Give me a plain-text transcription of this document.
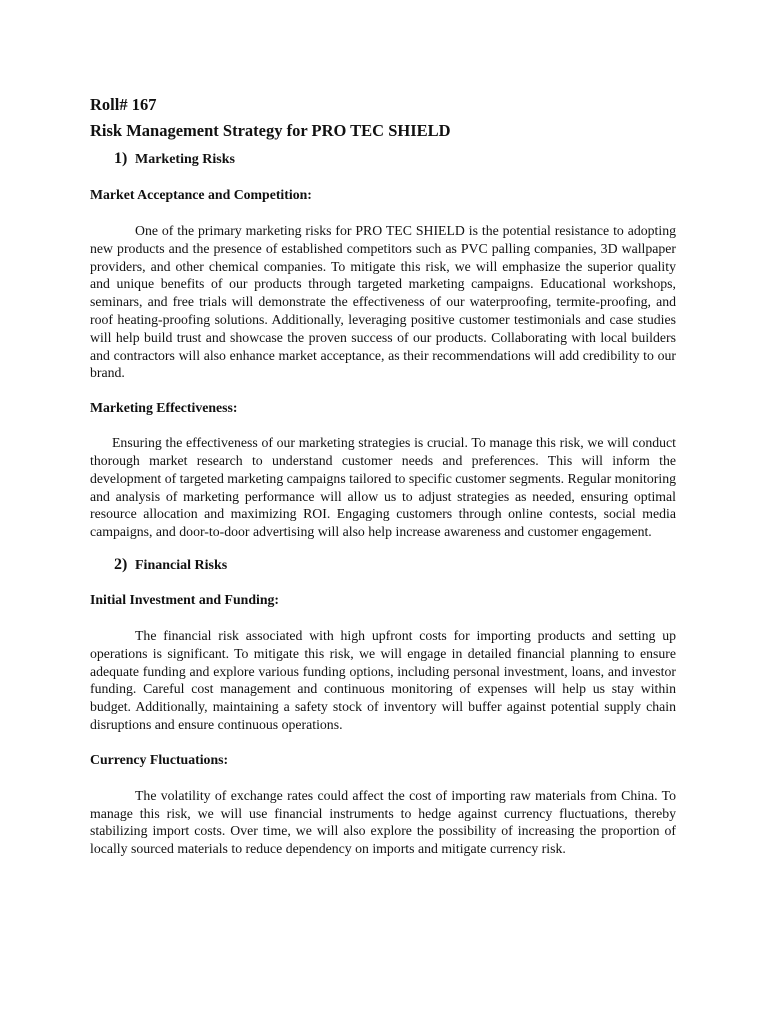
Roll# 167
Risk Management Strategy for PRO TEC SHIELD
1) Marketing Risks
Market Acceptance and Competition:

One of the primary marketing risks for PRO TEC SHIELD is the potential resistance to adopting new products and the presence of established competitors such as PVC palling companies, 3D wallpaper providers, and other chemical companies. To mitigate this risk, we will emphasize the superior quality and unique benefits of our products through targeted marketing campaigns. Educational workshops, seminars, and free trials will demonstrate the effectiveness of our waterproofing, termite-proofing, and roof heating-proofing solutions. Additionally, leveraging positive customer testimonials and case studies will help build trust and showcase the proven success of our products. Collaborating with local builders and contractors will also enhance market acceptance, as their recommendations will add credibility to our brand.

Marketing Effectiveness:

Ensuring the effectiveness of our marketing strategies is crucial. To manage this risk, we will conduct thorough market research to understand customer needs and preferences. This will inform the development of targeted marketing campaigns tailored to specific customer segments. Regular monitoring and analysis of marketing performance will allow us to adjust strategies as needed, ensuring optimal resource allocation and maximizing ROI. Engaging customers through online contests, social media campaigns, and door-to-door advertising will also help increase awareness and customer engagement.

2) Financial Risks
Initial Investment and Funding:

The financial risk associated with high upfront costs for importing products and setting up operations is significant. To mitigate this risk, we will engage in detailed financial planning to ensure adequate funding and explore various funding options, including personal investment, loans, and investor funding. Careful cost management and continuous monitoring of expenses will help us stay within budget. Additionally, maintaining a safety stock of inventory will buffer against potential supply chain disruptions and ensure continuous operations.

Currency Fluctuations:

The volatility of exchange rates could affect the cost of importing raw materials from China. To manage this risk, we will use financial instruments to hedge against currency fluctuations, thereby stabilizing import costs. Over time, we will also explore the possibility of increasing the proportion of locally sourced materials to reduce dependency on imports and mitigate currency risk.
